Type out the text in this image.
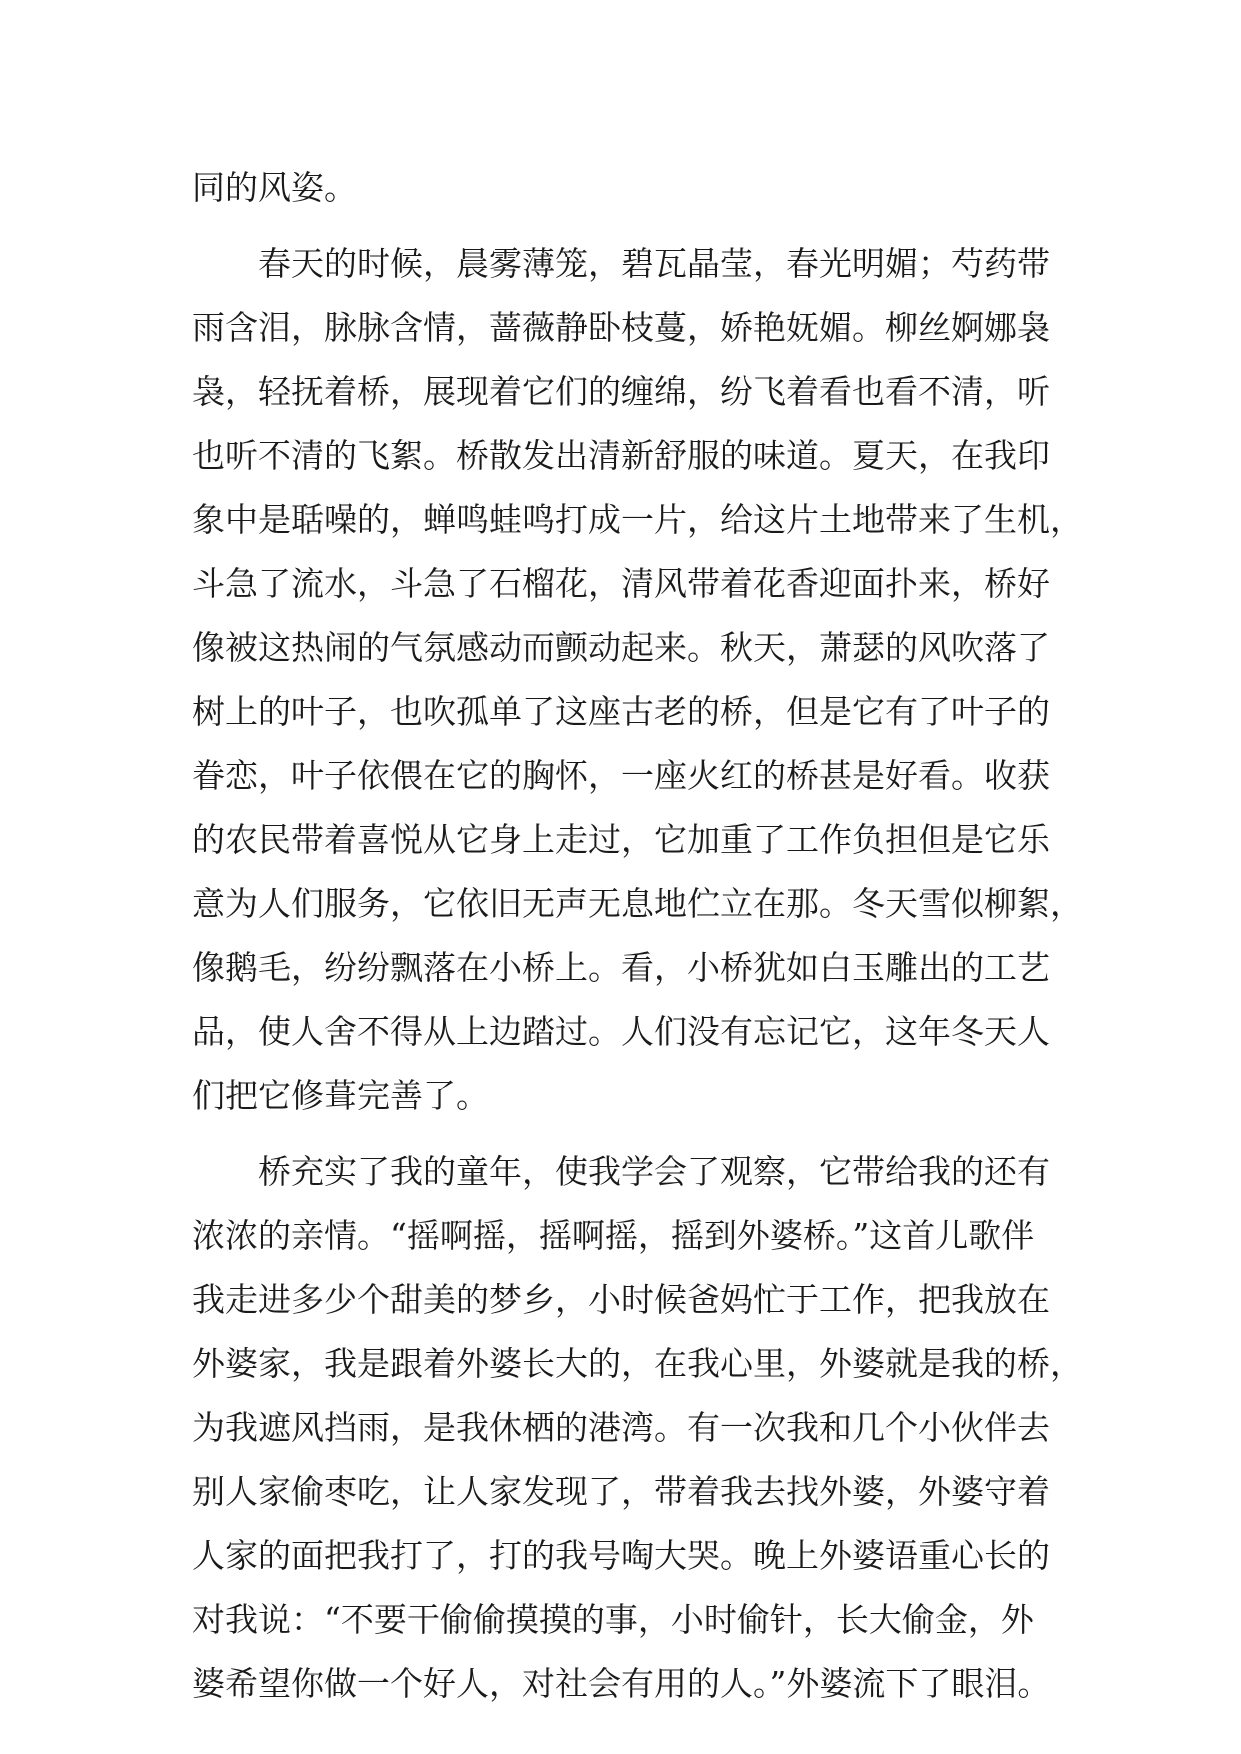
同的风姿。
春天的时候，晨雾薄笼，碧瓦晶莹，春光明媚；芍药带
雨含泪，脉脉含情，蔷薇静卧枝蔓，娇艳妩媚。柳丝婀娜袅
袅，轻抚着桥，展现着它们的缠绵，纷飞着看也看不清，听
也听不清的飞絮。桥散发出清新舒服的味道。夏天，在我印
象中是聒噪的，蝉鸣蛙鸣打成一片，给这片土地带来了生机，
斗急了流水，斗急了石榴花，清风带着花香迎面扑来，桥好
像被这热闹的气氛感动而颤动起来。秋天，萧瑟的风吹落了
树上的叶子，也吹孤单了这座古老的桥，但是它有了叶子的
眷恋，叶子依偎在它的胸怀，一座火红的桥甚是好看。收获
的农民带着喜悦从它身上走过，它加重了工作负担但是它乐
意为人们服务，它依旧无声无息地伫立在那。冬天雪似柳絮，
像鹅毛，纷纷飘落在小桥上。看，小桥犹如白玉雕出的工艺
品，使人舍不得从上边踏过。人们没有忘记它，这年冬天人
们把它修葺完善了。
桥充实了我的童年，使我学会了观察，它带给我的还有
浓浓的亲情。“摇啊摇，摇啊摇，摇到外婆桥。”这首儿歌伴
我走进多少个甜美的梦乡，小时候爸妈忙于工作，把我放在
外婆家，我是跟着外婆长大的，在我心里，外婆就是我的桥，
为我遮风挡雨，是我休栖的港湾。有一次我和几个小伙伴去
别人家偷枣吃，让人家发现了，带着我去找外婆，外婆守着
人家的面把我打了，打的我号啕大哭。晚上外婆语重心长的
对我说：“不要干偷偷摸摸的事，小时偷针，长大偷金，外
婆希望你做一个好人，对社会有用的人。”外婆流下了眼泪。
